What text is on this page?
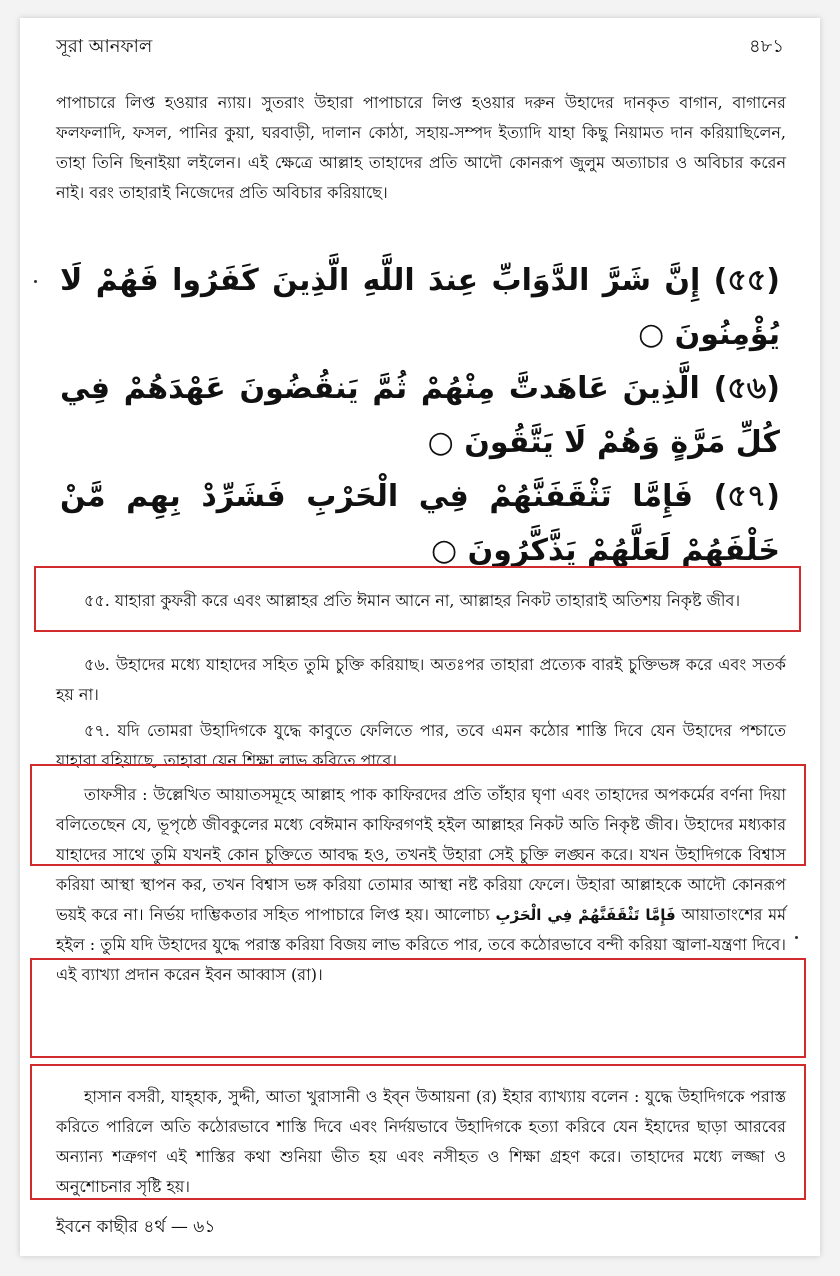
সূরা আনফাল	৪৮১
পাপাচারে লিপ্ত হওয়ার ন্যায়। সুতরাং উহারা পাপাচারে লিপ্ত হওয়ার দরুন উহাদের দানকৃত বাগান, বাগানের ফলফলাদি, ফসল, পানির কুয়া, ঘরবাড়ী, দালান কোঠা, সহায়-সম্পদ ইত্যাদি যাহা কিছু নিয়ামত দান করিয়াছিলেন, তাহা তিনি ছিনাইয়া লইলেন। এই ক্ষেত্রে আল্লাহ তাহাদের প্রতি আদৌ কোনরূপ জুলুম অত্যাচার ও অবিচার করেন নাই। বরং তাহারাই নিজেদের প্রতি অবিচার করিয়াছে।
(৫৫) إِنَّ شَرَّ الدَّوَابِّ عِندَ اللَّهِ الَّذِينَ كَفَرُوا فَهُمْ لَا يُؤْمِنُونَ ○
(৫৬) الَّذِينَ عَاهَدتَّ مِنْهُمْ ثُمَّ يَنقُضُونَ عَهْدَهُمْ فِي كُلِّ مَرَّةٍ وَهُمْ لَا يَتَّقُونَ ○
(৫৭) فَإِمَّا تَثْقَفَنَّهُمْ فِي الْحَرْبِ فَشَرِّدْ بِهِم مَّنْ خَلْفَهُمْ لَعَلَّهُمْ يَذَّكَّرُونَ ○
৫৫. যাহারা কুফরী করে এবং আল্লাহর প্রতি ঈমান আনে না, আল্লাহর নিকট তাহারাই অতিশয় নিকৃষ্ট জীব।
৫৬. উহাদের মধ্যে যাহাদের সহিত তুমি চুক্তি করিয়াছ। অতঃপর তাহারা প্রত্যেক বারই চুক্তিভঙ্গ করে এবং সতর্ক হয় না।
৫৭. যদি তোমরা উহাদিগকে যুদ্ধে কাবুতে ফেলিতে পার, তবে এমন কঠোর শাস্তি দিবে যেন উহাদের পশ্চাতে যাহারা রহিয়াছে, তাহারা যেন শিক্ষা লাভ করিতে পারে।
তাফসীর : উল্লেখিত আয়াতসমূহে আল্লাহ পাক কাফিরদের প্রতি তাঁহার ঘৃণা এবং তাহাদের অপকর্মের বর্ণনা দিয়া বলিতেছেন যে, ভূপৃষ্ঠে জীবকুলের মধ্যে বেঈমান কাফিরগণই হইল আল্লাহর নিকট অতি নিকৃষ্ট জীব। উহাদের মধ্যকার যাহাদের সাথে তুমি যখনই কোন চুক্তিতে আবদ্ধ হও, তখনই উহারা সেই চুক্তি লঙ্ঘন করে। যখন উহাদিগকে বিশ্বাস করিয়া আস্থা স্থাপন কর, তখন বিশ্বাস ভঙ্গ করিয়া তোমার আস্থা নষ্ট করিয়া ফেলে। উহারা আল্লাহকে আদৌ কোনরূপ ভয়ই করে না। নির্ভয় দাম্ভিকতার সহিত পাপাচারে লিপ্ত হয়। আলোচ্য فَإِمَّا تَثْقَفَنَّهُمْ فِي الْحَرْبِ আয়াতাংশের মর্ম হইল : তুমি যদি উহাদের যুদ্ধে পরাস্ত করিয়া বিজয় লাভ করিতে পার, তবে কঠোরভাবে বন্দী করিয়া জ্বালা-যন্ত্রণা দিবে। এই ব্যাখ্যা প্রদান করেন ইবন আব্বাস (রা)।
হাসান বসরী, যাহ্হাক, সুদ্দী, আতা খুরাসানী ও ইব্ন উআয়না (র) ইহার ব্যাখ্যায় বলেন : যুদ্ধে উহাদিগকে পরাস্ত করিতে পারিলে অতি কঠোরভাবে শাস্তি দিবে এবং নির্দয়ভাবে উহাদিগকে হত্যা করিবে যেন ইহাদের ছাড়া আরবের অন্যান্য শত্রুগণ এই শাস্তির কথা শুনিয়া ভীত হয় এবং নসীহত ও শিক্ষা গ্রহণ করে। তাহাদের মধ্যে লজ্জা ও অনুশোচনার সৃষ্টি হয়।
ইবনে কাছীর ৪র্থ — ৬১
